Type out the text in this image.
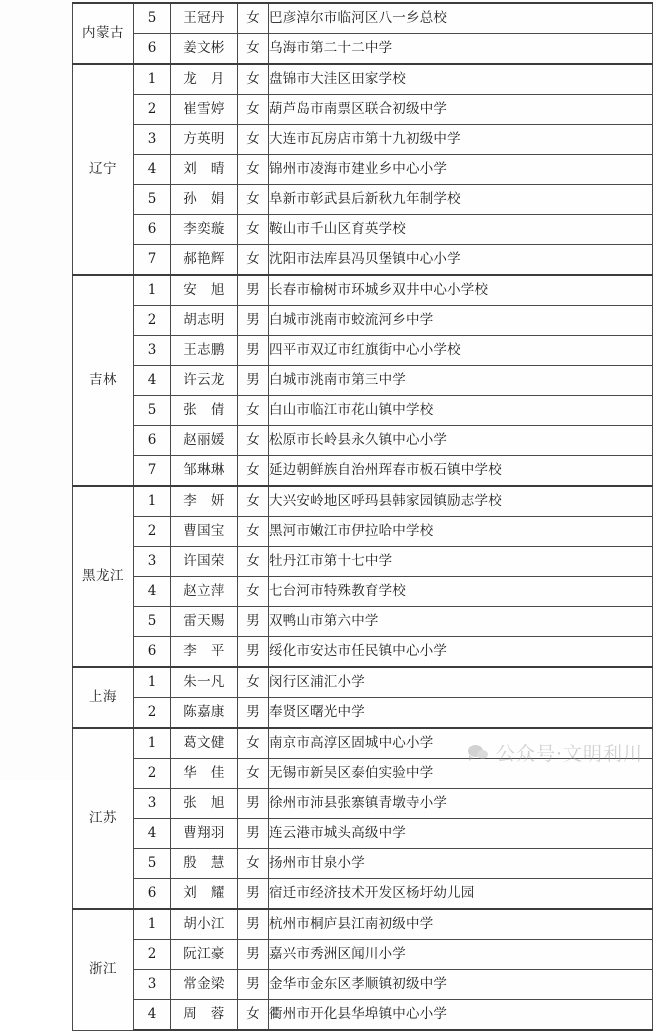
内蒙古	5	王冠丹	女	巴彦淖尔市临河区八一乡总校
	6	姜文彬	女	乌海市第二十二中学
辽宁	1	龙　月	女	盘锦市大洼区田家学校
	2	崔雪婷	女	葫芦岛市南票区联合初级中学
	3	方英明	女	大连市瓦房店市第十九初级中学
	4	刘　晴	女	锦州市凌海市建业乡中心小学
	5	孙　娟	女	阜新市彰武县后新秋九年制学校
	6	李奕璇	女	鞍山市千山区育英学校
	7	郝艳辉	女	沈阳市法库县冯贝堡镇中心小学
吉林	1	安　旭	男	长春市榆树市环城乡双井中心小学校
	2	胡志明	男	白城市洮南市蛟流河乡中学
	3	王志鹏	男	四平市双辽市红旗街中心小学校
	4	许云龙	男	白城市洮南市第三中学
	5	张　倩	女	白山市临江市花山镇中学校
	6	赵丽媛	女	松原市长岭县永久镇中心小学
	7	邹琳琳	女	延边朝鲜族自治州珲春市板石镇中学校
黑龙江	1	李　妍	女	大兴安岭地区呼玛县韩家园镇励志学校
	2	曹国宝	女	黑河市嫩江市伊拉哈中学校
	3	许国荣	女	牡丹江市第十七中学
	4	赵立萍	女	七台河市特殊教育学校
	5	雷天赐	男	双鸭山市第六中学
	6	李　平	男	绥化市安达市任民镇中心小学
上海	1	朱一凡	女	闵行区浦汇小学
	2	陈嘉康	男	奉贤区曙光中学
江苏	1	葛文健	女	南京市高淳区固城中心小学
	2	华　佳	女	无锡市新吴区泰伯实验中学
	3	张　旭	男	徐州市沛县张寨镇青墩寺小学
	4	曹翔羽	男	连云港市城头高级中学
	5	殷　慧	女	扬州市甘泉小学
	6	刘　耀	男	宿迁市经济技术开发区杨圩幼儿园
浙江	1	胡小江	男	杭州市桐庐县江南初级中学
	2	阮江豪	男	嘉兴市秀洲区闻川小学
	3	常金梁	男	金华市金东区孝顺镇初级中学
	4	周　蓉	女	衢州市开化县华埠镇中心小学
公众号·文明利川
